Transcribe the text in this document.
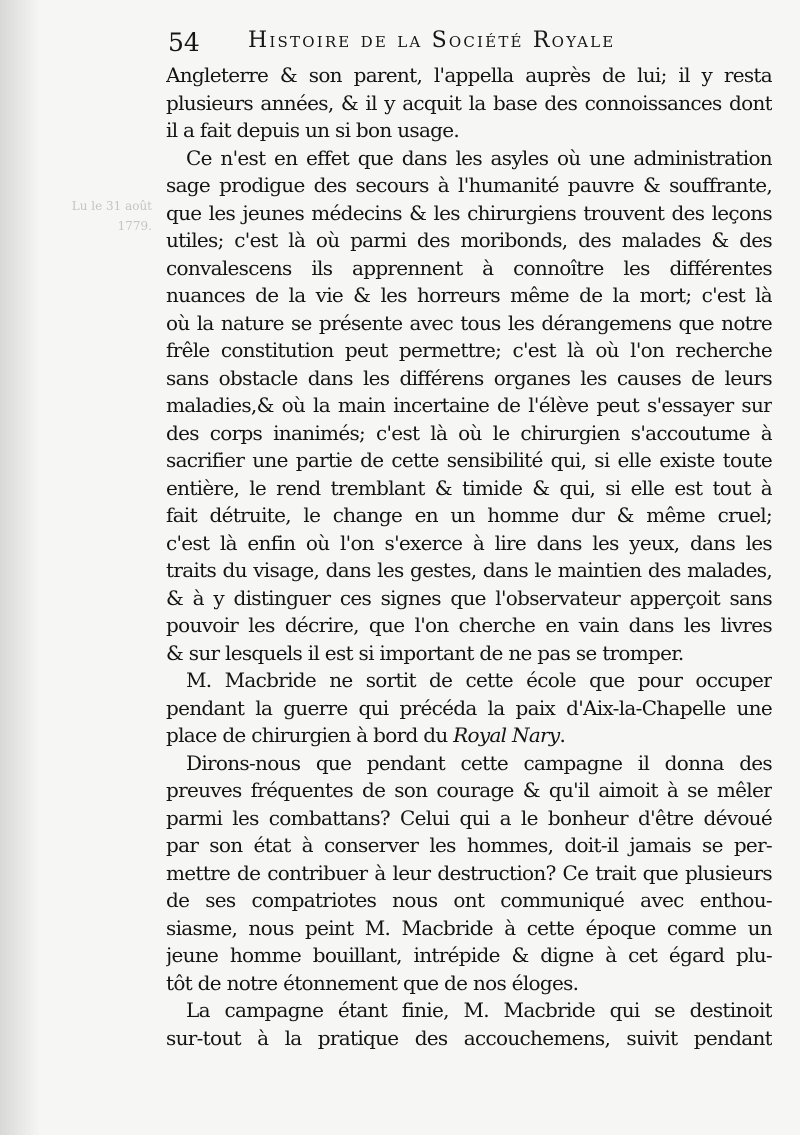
54 Histoire de la Société Royale
Lu le 31 août
1779.
Angleterre & son parent, l'appella auprès de lui; il y resta
plusieurs années, & il y acquit la base des connoissances dont
il a fait depuis un si bon usage.
Ce n'est en effet que dans les asyles où une administration
sage prodigue des secours à l'humanité pauvre & souffrante,
que les jeunes médecins & les chirurgiens trouvent des leçons
utiles; c'est là où parmi des moribonds, des malades & des
convalescens ils apprennent à connoître les différentes
nuances de la vie & les horreurs même de la mort; c'est là
où la nature se présente avec tous les dérangemens que notre
frêle constitution peut permettre; c'est là où l'on recherche
sans obstacle dans les différens organes les causes de leurs
maladies,& où la main incertaine de l'élève peut s'essayer sur
des corps inanimés; c'est là où le chirurgien s'accoutume à
sacrifier une partie de cette sensibilité qui, si elle existe toute
entière, le rend tremblant & timide & qui, si elle est tout à
fait détruite, le change en un homme dur & même cruel;
c'est là enfin où l'on s'exerce à lire dans les yeux, dans les
traits du visage, dans les gestes, dans le maintien des malades,
& à y distinguer ces signes que l'observateur apperçoit sans
pouvoir les décrire, que l'on cherche en vain dans les livres
& sur lesquels il est si important de ne pas se tromper.
M. Macbride ne sortit de cette école que pour occuper
pendant la guerre qui précéda la paix d'Aix-la-Chapelle une
place de chirurgien à bord du Royal Nary.
Dirons-nous que pendant cette campagne il donna des
preuves fréquentes de son courage & qu'il aimoit à se mêler
parmi les combattans? Celui qui a le bonheur d'être dévoué
par son état à conserver les hommes, doit-il jamais se per-
mettre de contribuer à leur destruction? Ce trait que plusieurs
de ses compatriotes nous ont communiqué avec enthou-
siasme, nous peint M. Macbride à cette époque comme un
jeune homme bouillant, intrépide & digne à cet égard plu-
tôt de notre étonnement que de nos éloges.
La campagne étant finie, M. Macbride qui se destinoit
sur-tout à la pratique des accouchemens, suivit pendant
